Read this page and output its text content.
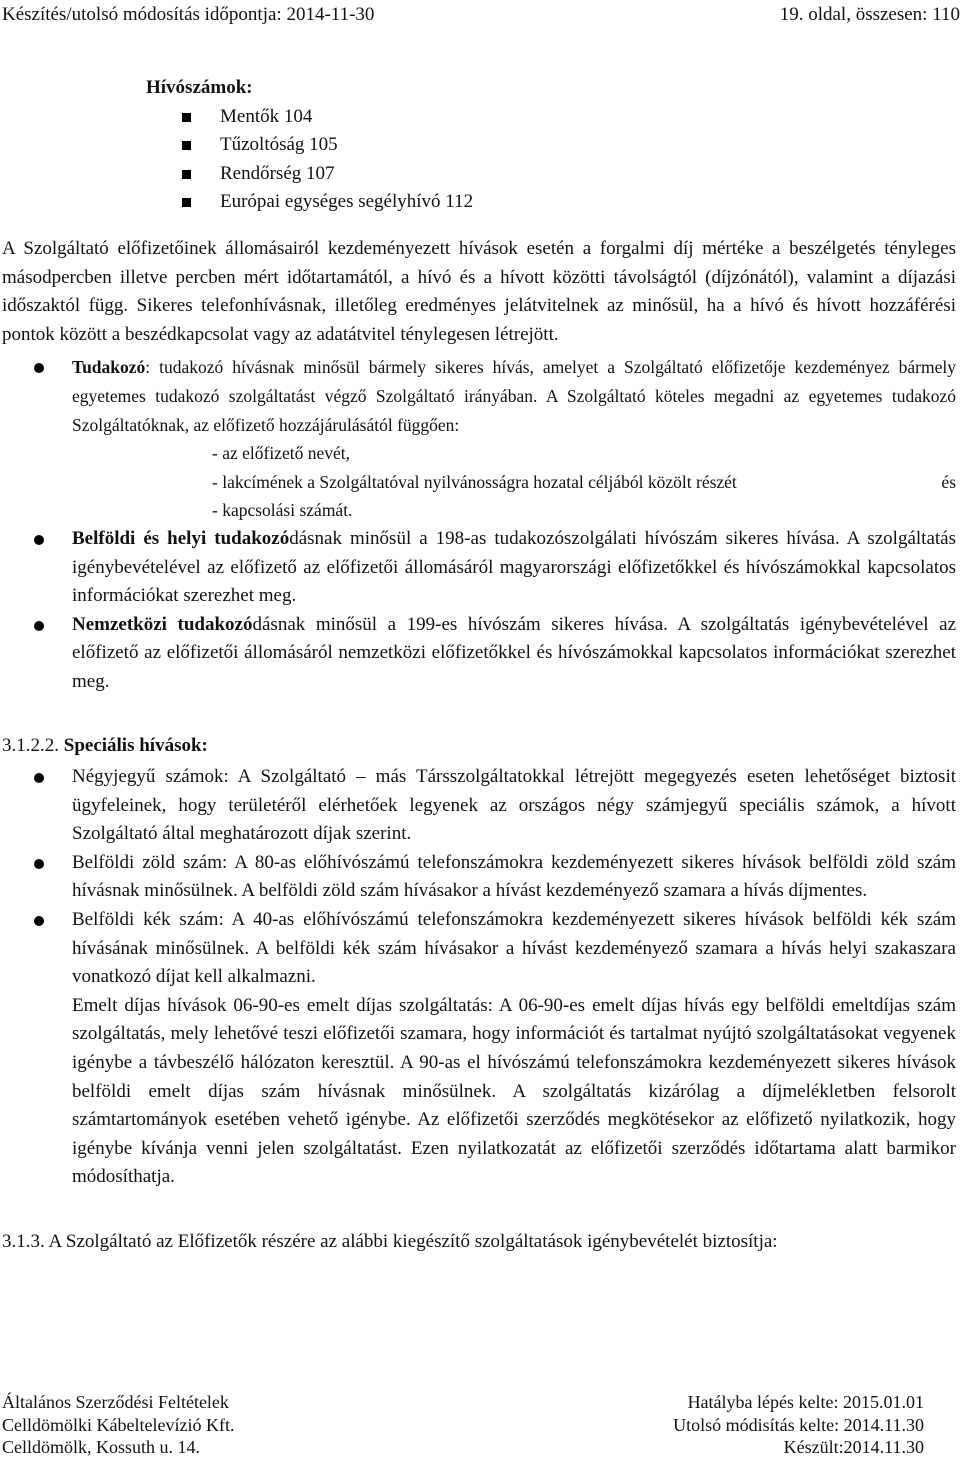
Készítés/utolsó módosítás időpontja: 2014-11-30	19. oldal, összesen: 110
Hívószámok:
Mentők 104
Tűzoltóság 105
Rendőrség 107
Európai egységes segélyhívó 112
A Szolgáltató előfizetőinek állomásairól kezdeményezett hívások esetén a forgalmi díj mértéke a beszélgetés tényleges másodpercben illetve percben mért időtartamától, a hívó és a hívott közötti távolságtól (díjzónától), valamint a díjazási időszaktól függ. Sikeres telefonhívásnak, illetőleg eredményes jelátvitelnek az minősül, ha a hívó és hívott hozzáférési pontok között a beszédkapcsolat vagy az adatátvitel ténylegesen létrejött.
Tudakozó: tudakozó hívásnak minősül bármely sikeres hívás, amelyet a Szolgáltató előfizetője kezdeményez bármely egyetemes tudakozó szolgáltatást végző Szolgáltató irányában. A Szolgáltató köteles megadni az egyetemes tudakozó Szolgáltatóknak, az előfizető hozzájárulásától függően:
- az előfizető nevét,
- lakcímének a Szolgáltatóval nyilvánosságra hozatal céljából közölt részét	és
- kapcsolási számát.
Belföldi és helyi tudakozódásnak minősül a 198-as tudakozószolgálati hívószám sikeres hívása. A szolgáltatás igénybevételével az előfizető az előfizetői állomásáról magyarországi előfizetőkkel és hívószámokkal kapcsolatos információkat szerezhet meg.
Nemzetközi tudakozódásnak minősül a 199-es hívószám sikeres hívása. A szolgáltatás igénybevételével az előfizető az előfizetői állomásáról nemzetközi előfizetőkkel és hívószámokkal kapcsolatos információkat szerezhet meg.
3.1.2.2. Speciális hívások:
Négyjegyű számok: A Szolgáltató – más Társszolgáltatokkal létrejött megegyezés eseten lehetőséget biztosit ügyfeleinek, hogy területéről elérhetőek legyenek az országos négy számjegyű speciális számok, a hívott Szolgáltató által meghatározott díjak szerint.
Belföldi zöld szám: A 80-as előhívószámú telefonszámokra kezdeményezett sikeres hívások belföldi zöld szám hívásnak minősülnek. A belföldi zöld szám hívásakor a hívást kezdeményező szamara a hívás díjmentes.
Belföldi kék szám: A 40-as előhívószámú telefonszámokra kezdeményezett sikeres hívások belföldi kék szám hívásának minősülnek. A belföldi kék szám hívásakor a hívást kezdeményező szamara a hívás helyi szakaszara vonatkozó díjat kell alkalmazni.
Emelt díjas hívások 06-90-es emelt díjas szolgáltatás: A 06-90-es emelt díjas hívás egy belföldi emeltdíjas szám szolgáltatás, mely lehetővé teszi előfizetői szamara, hogy információt és tartalmat nyújtó szolgáltatásokat vegyenek igénybe a távbeszélő hálózaton keresztül. A 90-as el hívószámú telefonszámokra kezdeményezett sikeres hívások belföldi emelt díjas szám hívásnak minősülnek. A szolgáltatás kizárólag a díjmelékletben felsorolt számtartományok esetében vehető igénybe. Az előfizetői szerződés megkötésekor az előfizető nyilatkozik, hogy igénybe kívánja venni jelen szolgáltatást. Ezen nyilatkozatát az előfizetői szerződés időtartama alatt barmikor módosíthatja.
3.1.3. A Szolgáltató az Előfizetők részére az alábbi kiegészítő szolgáltatások igénybevételét biztosítja:
Általános Szerződési Feltételek	Hatályba lépés kelte: 2015.01.01
Celldömölki Kábeltelevízió Kft.	Utolsó módisítás kelte: 2014.11.30
Celldömölk, Kossuth u. 14.	Készült:2014.11.30
